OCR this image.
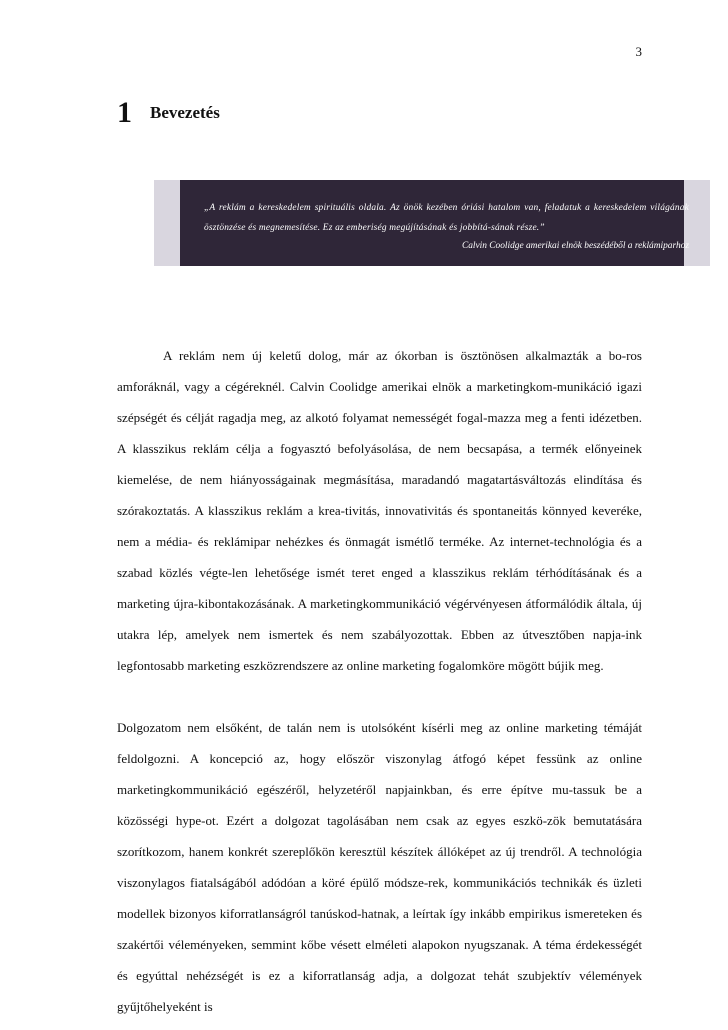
3
1 Bevezetés
„A reklám a kereskedelem spirituális oldala. Az önök kezében óriási hatalom van, feladatuk a kereskedelem világának ösztönzése és megnemesítése. Ez az emberiség megújításának és jobbítá-sának része.”
Calvin Coolidge amerikai elnök beszédéből a reklámiparhoz

A reklám nem új keletű dolog, már az ókorban is ösztönösen alkalmazták a bo-ros amforáknál, vagy a cégéreknél. Calvin Coolidge amerikai elnök a marketingkom-munikáció igazi szépségét és célját ragadja meg, az alkotó folyamat nemességét fogal-mazza meg a fenti idézetben. A klasszikus reklám célja a fogyasztó befolyásolása, de nem becsapása, a termék előnyeinek kiemelése, de nem hiányosságainak megmásítása, maradandó magatartásváltozás elindítása és szórakoztatás. A klasszikus reklám a krea-tivitás, innovativitás és spontaneitás könnyed keveréke, nem a média- és reklámipar nehézkes és önmagát ismétlő terméke. Az internet-technológia és a szabad közlés végte-len lehetősége ismét teret enged a klasszikus reklám térhódításának és a marketing újra-kibontakozásának. A marketingkommunikáció végérvényesen átformálódik általa, új utakra lép, amelyek nem ismertek és nem szabályozottak. Ebben az útvesztőben napja-ink legfontosabb marketing eszközrendszere az online marketing fogalomköre mögött bújik meg.

Dolgozatom nem elsőként, de talán nem is utolsóként kísérli meg az online marketing témáját feldolgozni. A koncepció az, hogy először viszonylag átfogó képet fessünk az online marketingkommunikáció egészéről, helyzetéről napjainkban, és erre építve mu-tassuk be a közösségi hype-ot. Ezért a dolgozat tagolásában nem csak az egyes eszkö-zök bemutatására szorítkozom, hanem konkrét szereplőkön keresztül készítek állóképet az új trendről. A technológia viszonylagos fiatalságából adódóan a köré épülő módsze-rek, kommunikációs technikák és üzleti modellek bizonyos kiforratlanságról tanúskod-hatnak, a leírtak így inkább empirikus ismereteken és szakértői véleményeken, semmint kőbe vésett elméleti alapokon nyugszanak. A téma érdekességét és egyúttal nehézségét is ez a kiforratlanság adja, a dolgozat tehát szubjektív vélemények gyűjtőhelyeként is
